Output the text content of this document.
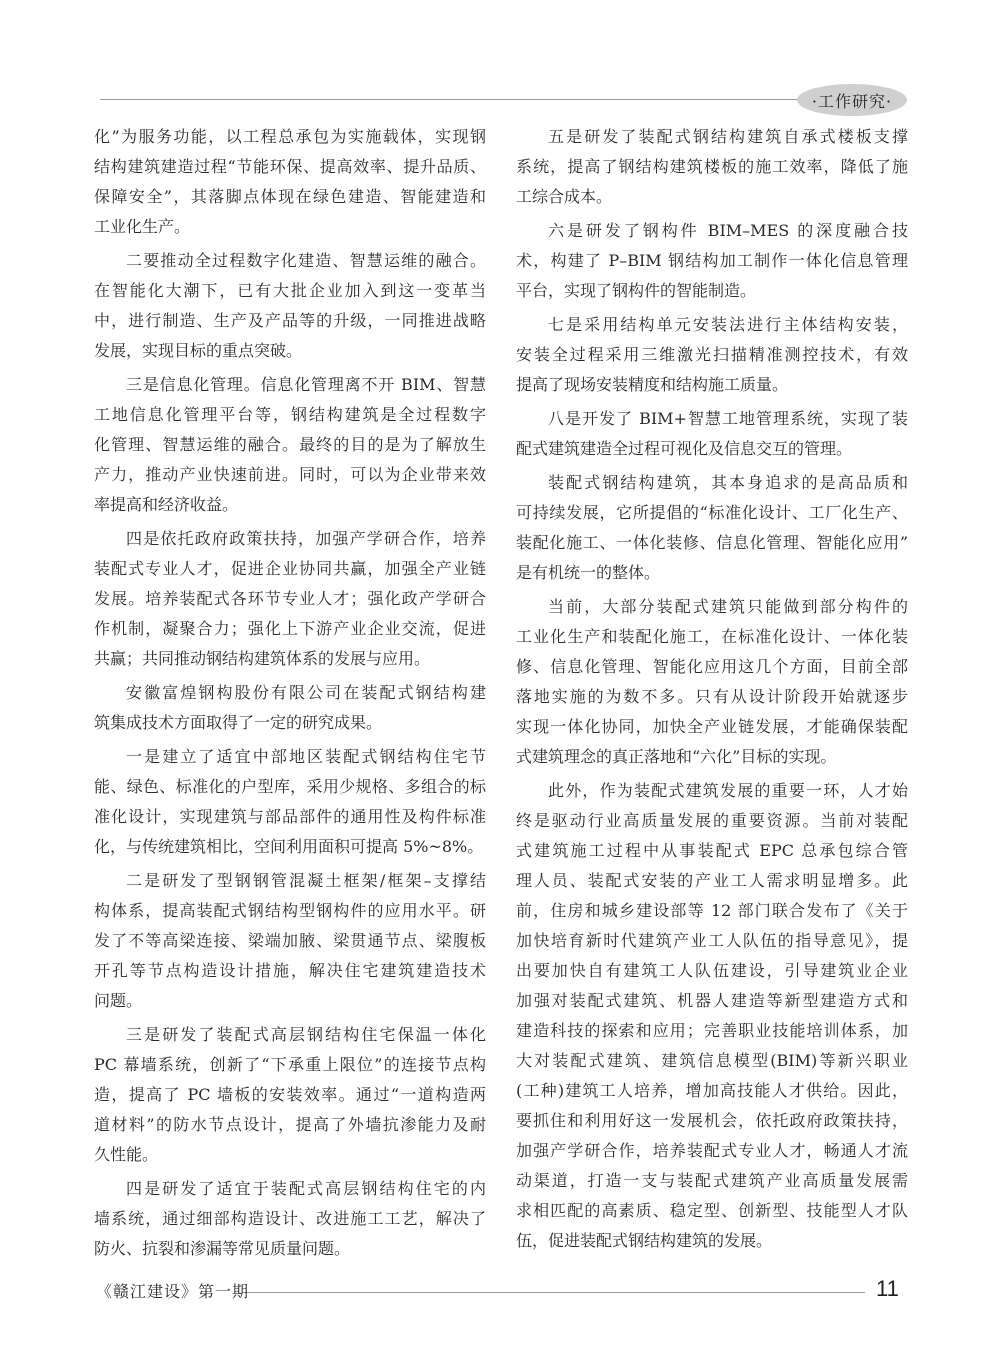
·工作研究·
化”为服务功能，以工程总承包为实施载体，实现钢
结构建筑建造过程“节能环保、提高效率、提升品质、
保障安全”，其落脚点体现在绿色建造、智能建造和
工业化生产。
二要推动全过程数字化建造、智慧运维的融合。
在智能化大潮下，已有大批企业加入到这一变革当
中，进行制造、生产及产品等的升级，一同推进战略
发展，实现目标的重点突破。
三是信息化管理。信息化管理离不开 BIM、智慧
工地信息化管理平台等，钢结构建筑是全过程数字
化管理、智慧运维的融合。最终的目的是为了解放生
产力，推动产业快速前进。同时，可以为企业带来效
率提高和经济收益。
四是依托政府政策扶持，加强产学研合作，培养
装配式专业人才，促进企业协同共赢，加强全产业链
发展。培养装配式各环节专业人才；强化政产学研合
作机制，凝聚合力；强化上下游产业企业交流，促进
共赢；共同推动钢结构建筑体系的发展与应用。
安徽富煌钢构股份有限公司在装配式钢结构建
筑集成技术方面取得了一定的研究成果。
一是建立了适宜中部地区装配式钢结构住宅节
能、绿色、标准化的户型库，采用少规格、多组合的标
准化设计，实现建筑与部品部件的通用性及构件标准
化，与传统建筑相比，空间利用面积可提高 5%~8%。
二是研发了型钢钢管混凝土框架/框架–支撑结
构体系，提高装配式钢结构型钢构件的应用水平。研
发了不等高梁连接、梁端加腋、梁贯通节点、梁腹板
开孔等节点构造设计措施，解决住宅建筑建造技术
问题。
三是研发了装配式高层钢结构住宅保温一体化
PC 幕墙系统，创新了“下承重上限位”的连接节点构
造，提高了 PC 墙板的安装效率。通过“一道构造两
道材料”的防水节点设计，提高了外墙抗渗能力及耐
久性能。
四是研发了适宜于装配式高层钢结构住宅的内
墙系统，通过细部构造设计、改进施工工艺，解决了
防火、抗裂和渗漏等常见质量问题。
五是研发了装配式钢结构建筑自承式楼板支撑
系统，提高了钢结构建筑楼板的施工效率，降低了施
工综合成本。
六是研发了钢构件 BIM–MES 的深度融合技
术，构建了 P–BIM 钢结构加工制作一体化信息管理
平台，实现了钢构件的智能制造。
七是采用结构单元安装法进行主体结构安装，
安装全过程采用三维激光扫描精准测控技术，有效
提高了现场安装精度和结构施工质量。
八是开发了 BIM+智慧工地管理系统，实现了装
配式建筑建造全过程可视化及信息交互的管理。
装配式钢结构建筑，其本身追求的是高品质和
可持续发展，它所提倡的“标准化设计、工厂化生产、
装配化施工、一体化装修、信息化管理、智能化应用”
是有机统一的整体。
当前，大部分装配式建筑只能做到部分构件的
工业化生产和装配化施工，在标准化设计、一体化装
修、信息化管理、智能化应用这几个方面，目前全部
落地实施的为数不多。只有从设计阶段开始就逐步
实现一体化协同，加快全产业链发展，才能确保装配
式建筑理念的真正落地和“六化”目标的实现。
此外，作为装配式建筑发展的重要一环，人才始
终是驱动行业高质量发展的重要资源。当前对装配
式建筑施工过程中从事装配式 EPC 总承包综合管
理人员、装配式安装的产业工人需求明显增多。此
前，住房和城乡建设部等 12 部门联合发布了《关于
加快培育新时代建筑产业工人队伍的指导意见》，提
出要加快自有建筑工人队伍建设，引导建筑业企业
加强对装配式建筑、机器人建造等新型建造方式和
建造科技的探索和应用；完善职业技能培训体系，加
大对装配式建筑、建筑信息模型(BIM)等新兴职业
(工种)建筑工人培养，增加高技能人才供给。因此，
要抓住和利用好这一发展机会，依托政府政策扶持，
加强产学研合作，培养装配式专业人才，畅通人才流
动渠道，打造一支与装配式建筑产业高质量发展需
求相匹配的高素质、稳定型、创新型、技能型人才队
伍，促进装配式钢结构建筑的发展。
《赣江建设》第一期	11
